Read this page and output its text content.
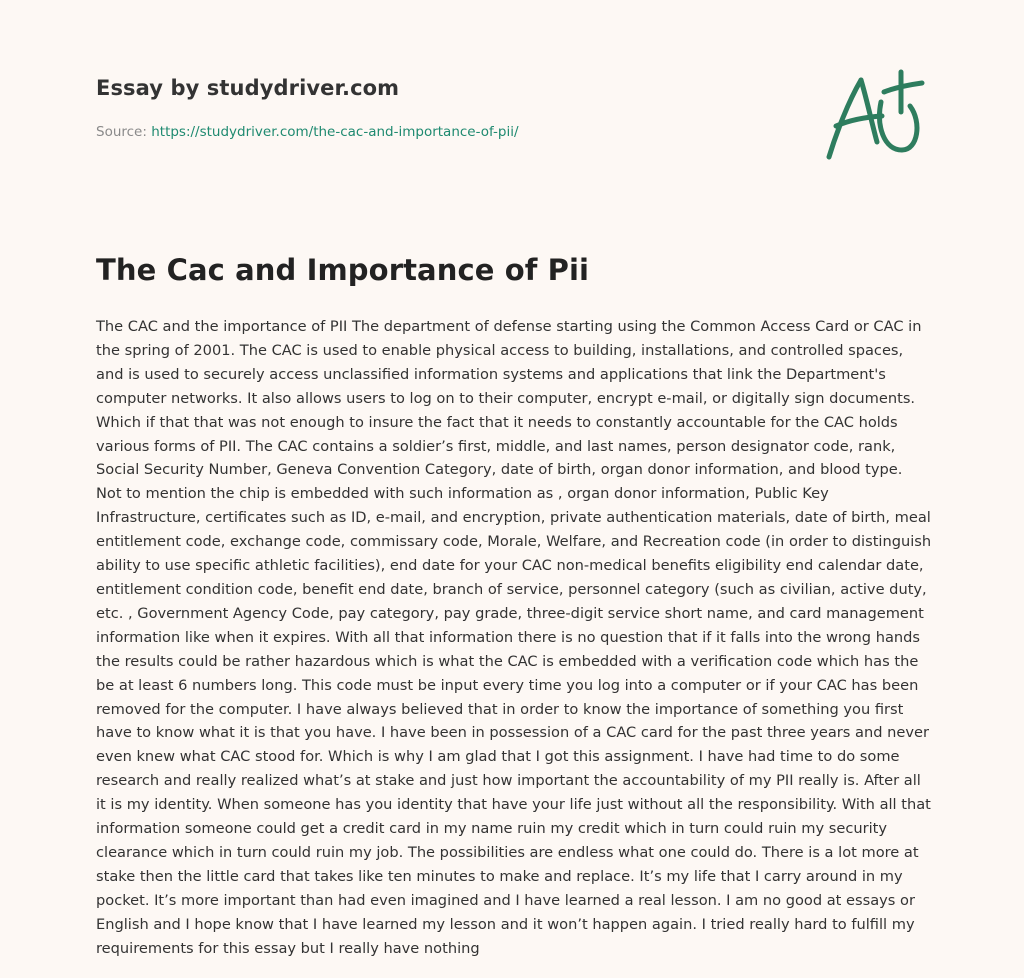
Essay by studydriver.com

Source: https://studydriver.com/the-cac-and-importance-of-pii/

The Cac and Importance of Pii

The CAC and the importance of PII The department of defense starting using the Common Access Card or CAC in the spring of 2001. The CAC is used to enable physical access to building, installations, and controlled spaces, and is used to securely access unclassified information systems and applications that link the Department's computer networks. It also allows users to log on to their computer, encrypt e-mail, or digitally sign documents. Which if that that was not enough to insure the fact that it needs to constantly accountable for the CAC holds various forms of PII. The CAC contains a soldier’s first, middle, and last names, person designator code, rank, Social Security Number, Geneva Convention Category, date of birth, organ donor information, and blood type. Not to mention the chip is embedded with such information as , organ donor information, Public Key Infrastructure, certificates such as ID, e-mail, and encryption, private authentication materials, date of birth, meal entitlement code, exchange code, commissary code, Morale, Welfare, and Recreation code (in order to distinguish ability to use specific athletic facilities), end date for your CAC non-medical benefits eligibility end calendar date, entitlement condition code, benefit end date, branch of service, personnel category (such as civilian, active duty, etc. , Government Agency Code, pay category, pay grade, three-digit service short name, and card management information like when it expires. With all that information there is no question that if it falls into the wrong hands the results could be rather hazardous which is what the CAC is embedded with a verification code which has the be at least 6 numbers long. This code must be input every time you log into a computer or if your CAC has been removed for the computer. I have always believed that in order to know the importance of something you first have to know what it is that you have. I have been in possession of a CAC card for the past three years and never even knew what CAC stood for. Which is why I am glad that I got this assignment. I have had time to do some research and really realized what’s at stake and just how important the accountability of my PII really is. After all it is my identity. When someone has you identity that have your life just without all the responsibility. With all that information someone could get a credit card in my name ruin my credit which in turn could ruin my security clearance which in turn could ruin my job. The possibilities are endless what one could do. There is a lot more at stake then the little card that takes like ten minutes to make and replace. It’s my life that I carry around in my pocket. It’s more important than had even imagined and I have learned a real lesson. I am no good at essays or English and I hope know that I have learned my lesson and it won’t happen again. I tried really hard to fulfill my requirements for this essay but I really have nothing
